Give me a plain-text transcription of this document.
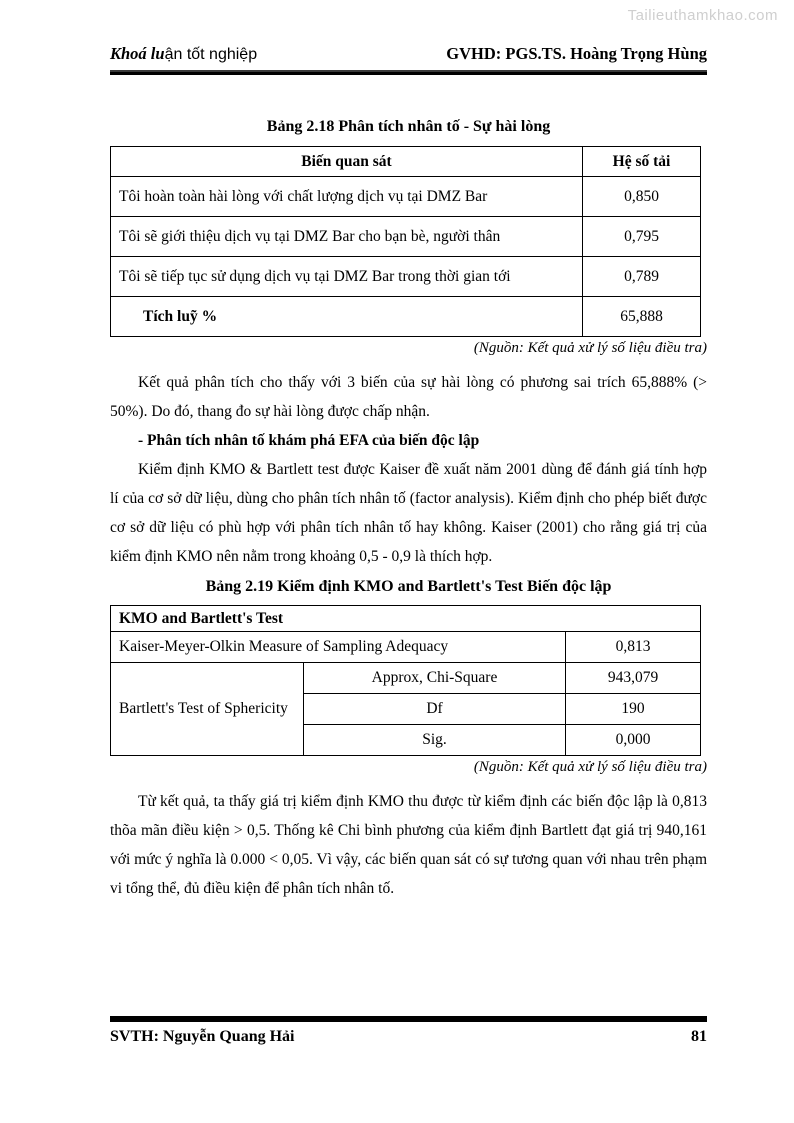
Tailieuthamkhao.com
Khoá luận tốt nghiệp	GVHD: PGS.TS. Hoàng Trọng Hùng
Bảng 2.18 Phân tích nhân tố - Sự hài lòng
Biến quan sát	Hệ số tải
Tôi hoàn toàn hài lòng với chất lượng dịch vụ tại DMZ Bar	0,850
Tôi sẽ giới thiệu dịch vụ tại DMZ Bar cho bạn bè, người thân	0,795
Tôi sẽ tiếp tục sử dụng dịch vụ tại DMZ Bar trong thời gian tới	0,789
Tích luỹ %	65,888
(Nguồn: Kết quả xử lý số liệu điều tra)
Kết quả phân tích cho thấy với 3 biến của sự hài lòng có phương sai trích 65,888% (> 50%). Do đó, thang đo sự hài lòng được chấp nhận.
- Phân tích nhân tố khám phá EFA của biến độc lập
Kiểm định KMO & Bartlett test được Kaiser đề xuất năm 2001 dùng để đánh giá tính hợp lí của cơ sở dữ liệu, dùng cho phân tích nhân tố (factor analysis). Kiểm định cho phép biết được cơ sở dữ liệu có phù hợp với phân tích nhân tố hay không. Kaiser (2001) cho rằng giá trị của kiểm định KMO nên nằm trong khoảng 0,5 - 0,9 là thích hợp.
Bảng 2.19 Kiểm định KMO and Bartlett's Test Biến độc lập
KMO and Bartlett's Test		
Kaiser-Meyer-Olkin Measure of Sampling Adequacy		0,813
Bartlett's Test of Sphericity	Approx, Chi-Square	943,079
	Df	190
	Sig.	0,000
(Nguồn: Kết quả xử lý số liệu điều tra)
Từ kết quả, ta thấy giá trị kiểm định KMO thu được từ kiểm định các biến độc lập là 0,813 thõa mãn điều kiện > 0,5. Thống kê Chi bình phương của kiểm định Bartlett đạt giá trị 940,161 với mức ý nghĩa là 0.000 < 0,05. Vì vậy, các biến quan sát có sự tương quan với nhau trên phạm vi tổng thể, đủ điều kiện để phân tích nhân tố.
SVTH: Nguyễn Quang Hải	81
